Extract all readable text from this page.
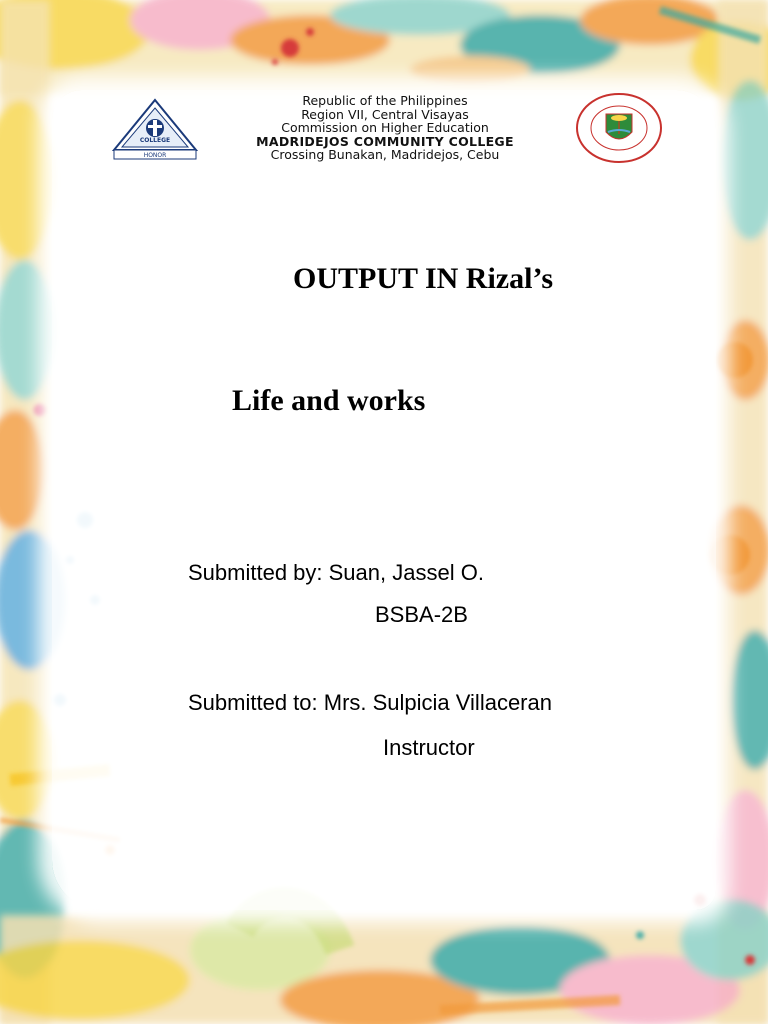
COLLEGE
HONOR
Republic of the Philippines
Region VII, Central Visayas
Commission on Higher Education
MADRIDEJOS COMMUNITY COLLEGE
Crossing Bunakan, Madridejos, Cebu
OUTPUT IN Rizal’s
Life and works
Submitted by: Suan, Jassel O.
BSBA-2B
Submitted to: Mrs. Sulpicia Villaceran
Instructor
